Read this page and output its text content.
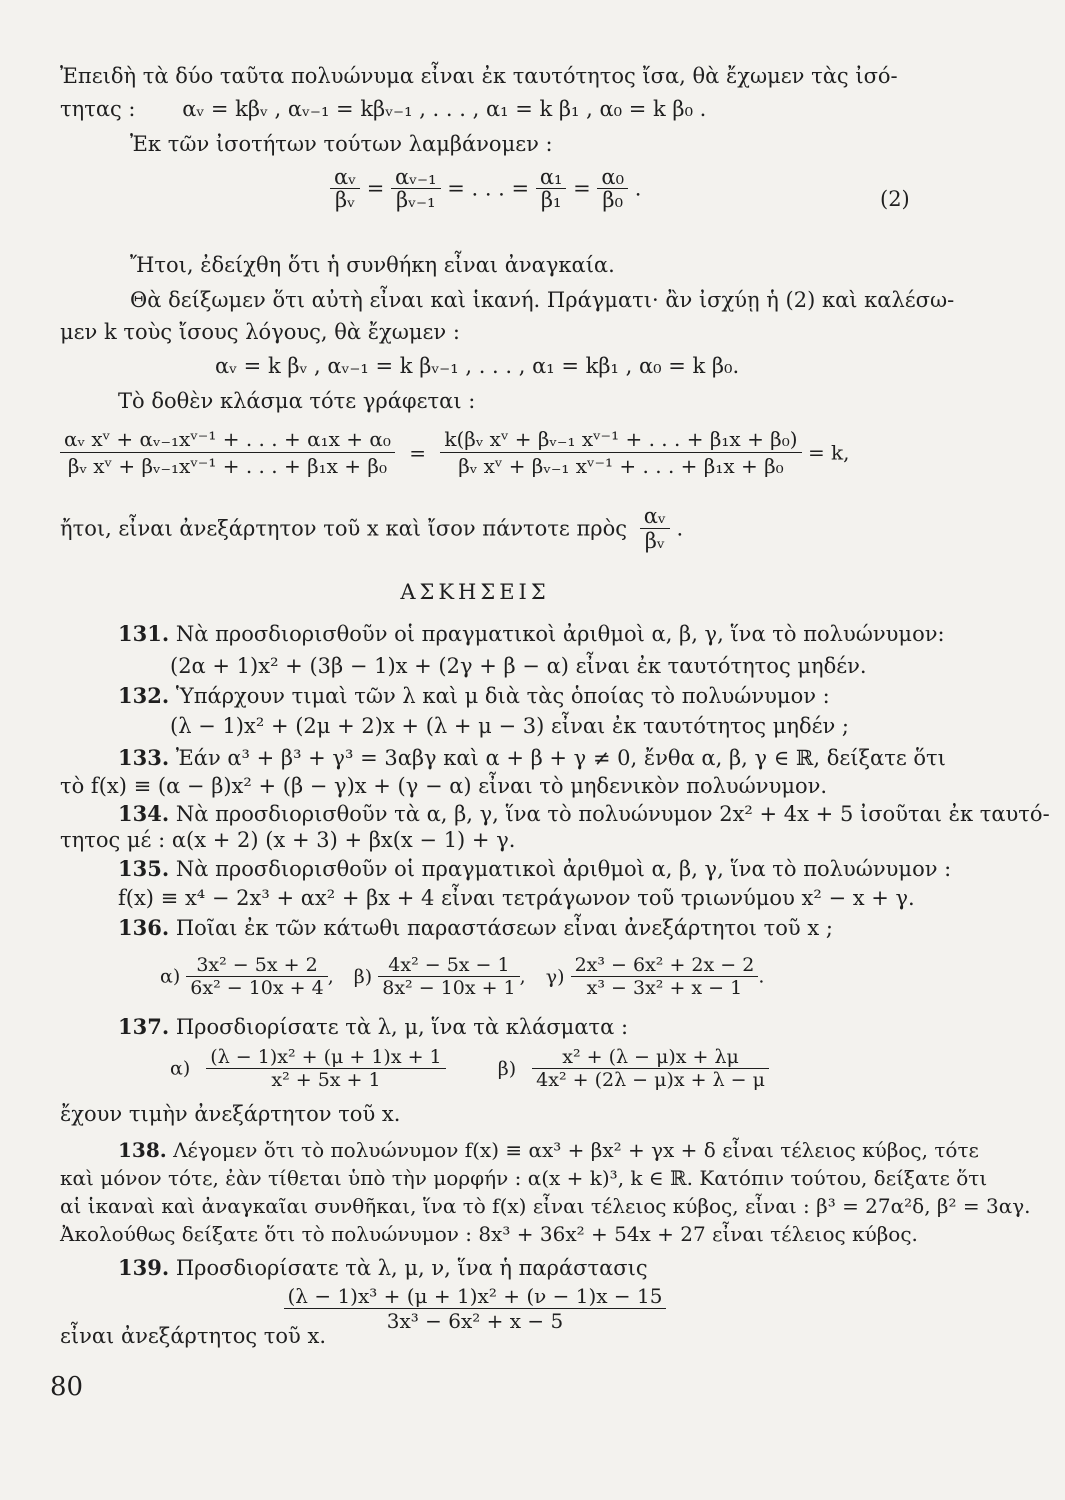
Ἐπειδὴ τὰ δύο ταῦτα πολυώνυμα εἶναι ἐκ ταυτότητος ἴσα, θὰ ἔχωμεν τὰς ἰσό-
τητας : αᵥ = kβᵥ , αᵥ₋₁ = kβᵥ₋₁ , . . . , α₁ = k β₁ , α₀ = k β₀ .
Ἐκ τῶν ἰσοτήτων τούτων λαμβάνομεν :
$\frac{\text{αᵥ}}{\text{βᵥ}} = \frac{\text{αᵥ₋₁}}{\text{βᵥ₋₁}}$ = . . . = $\frac{\text{α₁}}{\text{β₁}} = \frac{\text{α₀}}{\text{β₀}}$ .	(2)
Ἤτοι, ἐδείχθη ὅτι ἡ συνθήκη εἶναι ἀναγκαία.
Θὰ δείξωμεν ὅτι αὐτὴ εἶναι καὶ ἱκανή. Πράγματι· ἂν ἰσχύῃ ἡ (2) καὶ καλέσω-
μεν k τοὺς ἴσους λόγους, θὰ ἔχωμεν :
αᵥ = k βᵥ , αᵥ₋₁ = k βᵥ₋₁ , . . . , α₁ = kβ₁ , α₀ = k β₀.
Τὸ δοθὲν κλάσμα τότε γράφεται :
$\frac{\text{αᵥ xᵛ + αᵥ₋₁xᵛ⁻¹ + . . . + α₁x + α₀}}{\text{βᵥ xᵛ + βᵥ₋₁xᵛ⁻¹ + . . . + β₁x + β₀}} = \frac{\text{k(βᵥ xᵛ + βᵥ₋₁ xᵛ⁻¹ + . . . + β₁x + β₀)}}{\text{βᵥ xᵛ + βᵥ₋₁ xᵛ⁻¹ + . . . + β₁x + β₀}} = k$,
ἤτοι, εἶναι ἀνεξάρτητον τοῦ x καὶ ἴσον πάντοτε πρὸς $\frac{\text{αᵥ}}{\text{βᵥ}}$ .
ΑΣΚΗΣΕΙΣ
131. Νὰ προσδιορισθοῦν οἱ πραγματικοὶ ἀριθμοὶ α, β, γ, ἵνα τὸ πολυώνυμον:
(2α + 1)x² + (3β − 1)x + (2γ + β − α) εἶναι ἐκ ταυτότητος μηδέν.
132. Ὑπάρχουν τιμαὶ τῶν λ καὶ μ διὰ τὰς ὁποίας τὸ πολυώνυμον :
(λ − 1)x² + (2μ + 2)x + (λ + μ − 3) εἶναι ἐκ ταυτότητος μηδέν ;
133. Ἐάν α³ + β³ + γ³ = 3αβγ καὶ α + β + γ ≠ 0, ἔνθα α, β, γ ∈ ℝ, δείξατε ὅτι
τὸ f(x) ≡ (α − β)x² + (β − γ)x + (γ − α) εἶναι τὸ μηδενικὸν πολυώνυμον.
134. Νὰ προσδιορισθοῦν τὰ α, β, γ, ἵνα τὸ πολυώνυμον 2x² + 4x + 5 ἰσοῦται ἐκ ταυτό-
τητος μέ : α(x + 2) (x + 3) + βx(x − 1) + γ.
135. Νὰ προσδιορισθοῦν οἱ πραγματικοὶ ἀριθμοὶ α, β, γ, ἵνα τὸ πολυώνυμον :
f(x) ≡ x⁴ − 2x³ + αx² + βx + 4 εἶναι τετράγωνον τοῦ τριωνύμου x² − x + γ.
136. Ποῖαι ἐκ τῶν κάτωθι παραστάσεων εἶναι ἀνεξάρτητοι τοῦ x ;
$\alpha) \frac{\text{3x² − 5x + 2}}{\text{6x² − 10x + 4}}$ , $\beta) \frac{\text{4x² − 5x − 1}}{\text{8x² − 10x + 1}}$ , $\gamma) \frac{\text{2x³ − 6x² + 2x − 2}}{\text{x³ − 3x² + x − 1}}$ .
137. Προσδιορίσατε τὰ λ, μ, ἵνα τὰ κλάσματα :
$\alpha) \frac{\text{(λ − 1)x² + (μ + 1)x + 1}}{\text{x² + 5x + 1}}$	$\beta) \frac{\text{x² + (λ − μ)x + λμ}}{\text{4x² + (2λ − μ)x + λ − μ}}$
ἔχουν τιμὴν ἀνεξάρτητον τοῦ x.
138. Λέγομεν ὅτι τὸ πολυώνυμον f(x) ≡ αx³ + βx² + γx + δ εἶναι τέλειος κύβος, τότε
καὶ μόνον τότε, ἐὰν τίθεται ὑπὸ τὴν μορφήν : α(x + k)³, k ∈ ℝ. Κατόπιν τούτου, δείξατε ὅτι
αἱ ἱκαναὶ καὶ ἀναγκαῖαι συνθῆκαι, ἵνα τὸ f(x) εἶναι τέλειος κύβος, εἶναι : β³ = 27α²δ, β² = 3αγ.
Ἀκολούθως δείξατε ὅτι τὸ πολυώνυμον : 8x³ + 36x² + 54x + 27 εἶναι τέλειος κύβος.
139. Προσδιορίσατε τὰ λ, μ, ν, ἵνα ἡ παράστασις
$\frac{\text{(λ − 1)x³ + (μ + 1)x² + (ν − 1)x − 15}}{\text{3x³ − 6x² + x − 5}}$
εἶναι ἀνεξάρτητος τοῦ x.
80
